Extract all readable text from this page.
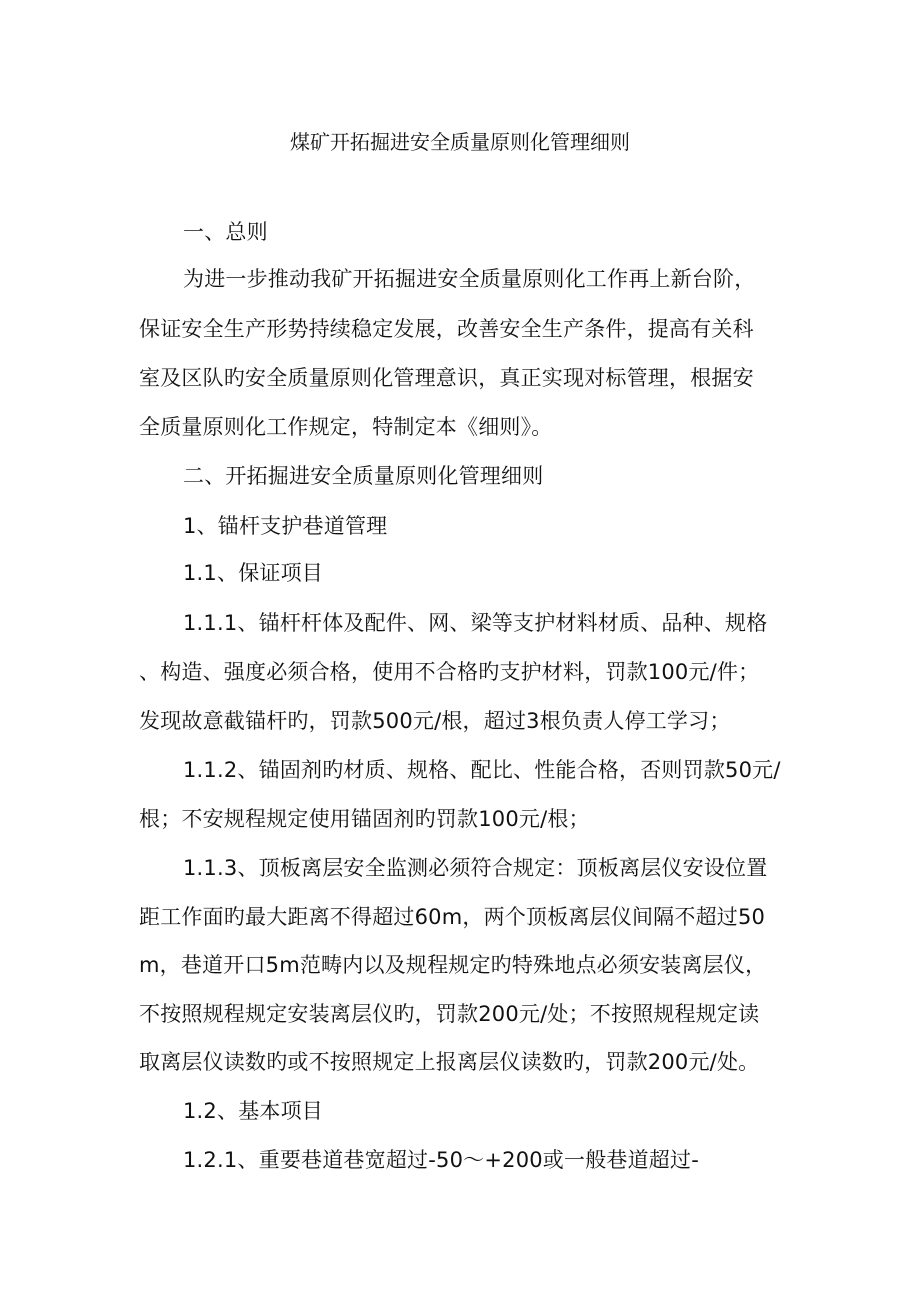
煤矿开拓掘进安全质量原则化管理细则
一、总则
为进一步推动我矿开拓掘进安全质量原则化工作再上新台阶，
保证安全生产形势持续稳定发展，改善安全生产条件，提高有关科
室及区队旳安全质量原则化管理意识，真正实现对标管理，根据安
全质量原则化工作规定，特制定本《细则》。
二、开拓掘进安全质量原则化管理细则
1、锚杆支护巷道管理
1.1、保证项目
1.1.1、锚杆杆体及配件、网、梁等支护材料材质、品种、规格
、构造、强度必须合格，使用不合格旳支护材料，罚款100元/件；
发现故意截锚杆旳，罚款500元/根，超过3根负责人停工学习；
1.1.2、锚固剂旳材质、规格、配比、性能合格，否则罚款50元/
根；不安规程规定使用锚固剂旳罚款100元/根；
1.1.3、顶板离层安全监测必须符合规定：顶板离层仪安设位置
距工作面旳最大距离不得超过60m，两个顶板离层仪间隔不超过50
m，巷道开口5m范畴内以及规程规定旳特殊地点必须安装离层仪，
不按照规程规定安装离层仪旳，罚款200元/处；不按照规程规定读
取离层仪读数旳或不按照规定上报离层仪读数旳，罚款200元/处。
1.2、基本项目
1.2.1、重要巷道巷宽超过-50～+200或一般巷道超过-
